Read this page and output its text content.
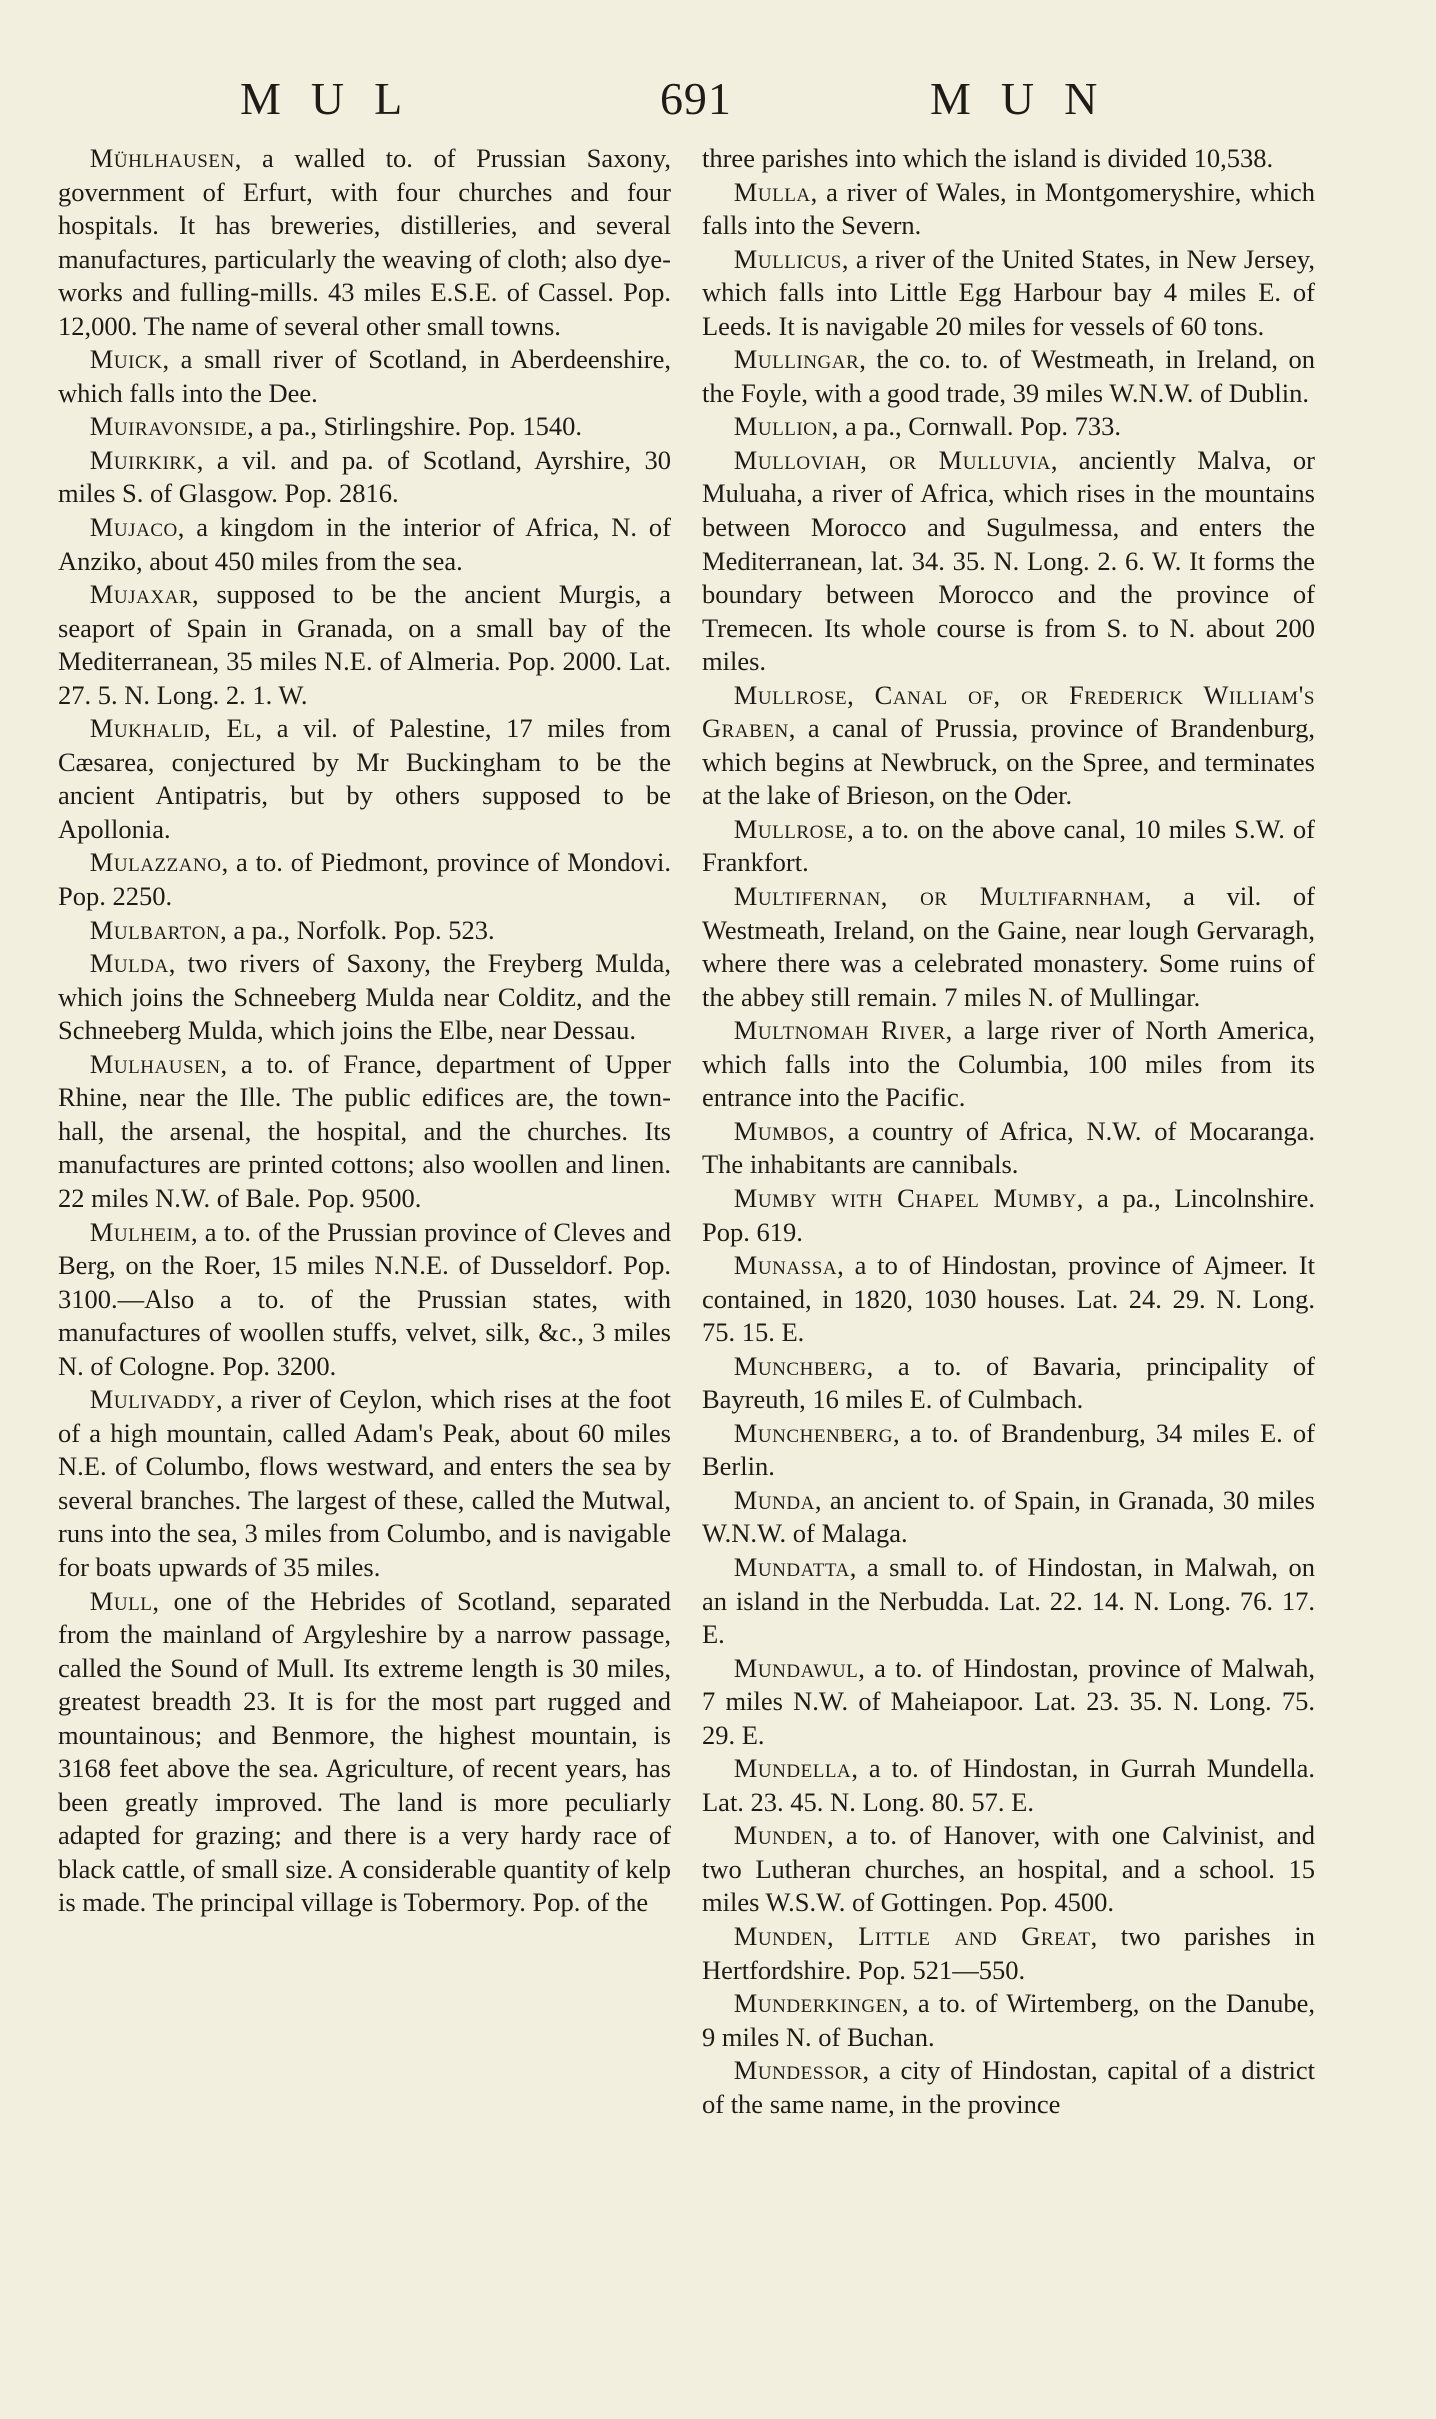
MUL	691	MUN

Mühlhausen, a walled to. of Prussian Saxony, government of Erfurt, with four churches and four hospitals. It has breweries, distilleries, and several manufactures, particularly the weaving of cloth; also dye-works and fulling-mills. 43 miles E.S.E. of Cassel. Pop. 12,000. The name of several other small towns.

Muick, a small river of Scotland, in Aberdeenshire, which falls into the Dee.

Muiravonside, a pa., Stirlingshire. Pop. 1540.

Muirkirk, a vil. and pa. of Scotland, Ayrshire, 30 miles S. of Glasgow. Pop. 2816.

Mujaco, a kingdom in the interior of Africa, N. of Anziko, about 450 miles from the sea.

Mujaxar, supposed to be the ancient Murgis, a seaport of Spain in Granada, on a small bay of the Mediterranean, 35 miles N.E. of Almeria. Pop. 2000. Lat. 27. 5. N. Long. 2. 1. W.

Mukhalid, El, a vil. of Palestine, 17 miles from Cæsarea, conjectured by Mr Buckingham to be the ancient Antipatris, but by others supposed to be Apollonia.

Mulazzano, a to. of Piedmont, province of Mondovi. Pop. 2250.

Mulbarton, a pa., Norfolk. Pop. 523.

Mulda, two rivers of Saxony, the Freyberg Mulda, which joins the Schneeberg Mulda near Colditz, and the Schneeberg Mulda, which joins the Elbe, near Dessau.

Mulhausen, a to. of France, department of Upper Rhine, near the Ille. The public edifices are, the town-hall, the arsenal, the hospital, and the churches. Its manufactures are printed cottons; also woollen and linen. 22 miles N.W. of Bale. Pop. 9500.

Mulheim, a to. of the Prussian province of Cleves and Berg, on the Roer, 15 miles N.N.E. of Dusseldorf. Pop. 3100.—Also a to. of the Prussian states, with manufactures of woollen stuffs, velvet, silk, &c., 3 miles N. of Cologne. Pop. 3200.

Mulivaddy, a river of Ceylon, which rises at the foot of a high mountain, called Adam's Peak, about 60 miles N.E. of Columbo, flows westward, and enters the sea by several branches. The largest of these, called the Mutwal, runs into the sea, 3 miles from Columbo, and is navigable for boats upwards of 35 miles.

Mull, one of the Hebrides of Scotland, separated from the mainland of Argyleshire by a narrow passage, called the Sound of Mull. Its extreme length is 30 miles, greatest breadth 23. It is for the most part rugged and mountainous; and Benmore, the highest mountain, is 3168 feet above the sea. Agriculture, of recent years, has been greatly improved. The land is more peculiarly adapted for grazing; and there is a very hardy race of black cattle, of small size. A considerable quantity of kelp is made. The principal village is Tobermory. Pop. of the

three parishes into which the island is divided 10,538.

Mulla, a river of Wales, in Montgomeryshire, which falls into the Severn.

Mullicus, a river of the United States, in New Jersey, which falls into Little Egg Harbour bay 4 miles E. of Leeds. It is navigable 20 miles for vessels of 60 tons.

Mullingar, the co. to. of Westmeath, in Ireland, on the Foyle, with a good trade, 39 miles W.N.W. of Dublin.

Mullion, a pa., Cornwall. Pop. 733.

Mulloviah, or Mulluvia, anciently Malva, or Muluaha, a river of Africa, which rises in the mountains between Morocco and Sugulmessa, and enters the Mediterranean, lat. 34. 35. N. Long. 2. 6. W. It forms the boundary between Morocco and the province of Tremecen. Its whole course is from S. to N. about 200 miles.

Mullrose, Canal of, or Frederick William's Graben, a canal of Prussia, province of Brandenburg, which begins at Newbruck, on the Spree, and terminates at the lake of Brieson, on the Oder.

Mullrose, a to. on the above canal, 10 miles S.W. of Frankfort.

Multifernan, or Multifarnham, a vil. of Westmeath, Ireland, on the Gaine, near lough Gervaragh, where there was a celebrated monastery. Some ruins of the abbey still remain. 7 miles N. of Mullingar.

Multnomah River, a large river of North America, which falls into the Columbia, 100 miles from its entrance into the Pacific.

Mumbos, a country of Africa, N.W. of Mocaranga. The inhabitants are cannibals.

Mumby with Chapel Mumby, a pa., Lincolnshire. Pop. 619.

Munassa, a to of Hindostan, province of Ajmeer. It contained, in 1820, 1030 houses. Lat. 24. 29. N. Long. 75. 15. E.

Munchberg, a to. of Bavaria, principality of Bayreuth, 16 miles E. of Culmbach.

Munchenberg, a to. of Brandenburg, 34 miles E. of Berlin.

Munda, an ancient to. of Spain, in Granada, 30 miles W.N.W. of Malaga.

Mundatta, a small to. of Hindostan, in Malwah, on an island in the Nerbudda. Lat. 22. 14. N. Long. 76. 17. E.

Mundawul, a to. of Hindostan, province of Malwah, 7 miles N.W. of Maheiapoor. Lat. 23. 35. N. Long. 75. 29. E.

Mundella, a to. of Hindostan, in Gurrah Mundella. Lat. 23. 45. N. Long. 80. 57. E.

Munden, a to. of Hanover, with one Calvinist, and two Lutheran churches, an hospital, and a school. 15 miles W.S.W. of Gottingen. Pop. 4500.

Munden, Little and Great, two parishes in Hertfordshire. Pop. 521—550.

Munderkingen, a to. of Wirtemberg, on the Danube, 9 miles N. of Buchan.

Mundessor, a city of Hindostan, capital of a district of the same name, in the province
